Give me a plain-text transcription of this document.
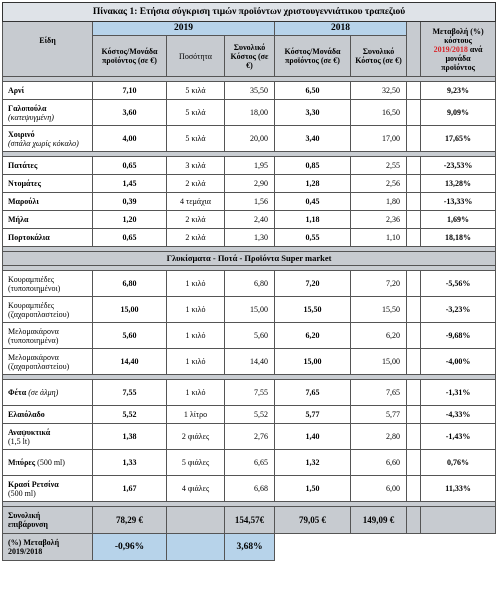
Πίνακας 1: Ετήσια σύγκριση τιμών προϊόντων χριστουγεννιάτικου τραπεζιού							
Είδη	2019			2018			Μεταβολή (%)
κόστους
2019/2018 ανά
μονάδα
προϊόντος
	Κόστος/Μονάδα προϊόντος (σε €)	Ποσότητα	Συνολικό Κόστος (σε €)	Κόστος/Μονάδα προϊόντος (σε €)	Συνολικό Κόστος (σε €)		

Αρνί	7,10	5 κιλά	35,50	6,50	32,50		9,23%
Γαλοπούλα
(κατεψυγμένη)	3,60	5 κιλά	18,00	3,30	16,50		9,09%
Χοιρινό
(σπάλα χωρίς κόκαλο)	4,00	5 κιλά	20,00	3,40	17,00		17,65%

Πατάτες	0,65	3 κιλά	1,95	0,85	2,55		-23,53%
Ντομάτες	1,45	2 κιλά	2,90	1,28	2,56		13,28%
Μαρούλι	0,39	4 τεμάχια	1,56	0,45	1,80		-13,33%
Μήλα	1,20	2 κιλά	2,40	1,18	2,36		1,69%
Πορτοκάλια	0,65	2 κιλά	1,30	0,55	1,10		18,18%

Γλυκίσματα - Ποτά - Προϊόντα Super market							

Κουραμπιέδες
(τυποποιημένοι)	6,80	1 κιλό	6,80	7,20	7,20		-5,56%
Κουραμπιέδες
(ζαχαροπλαστείου)	15,00	1 κιλό	15,00	15,50	15,50		-3,23%
Μελομακάρονα
(τυποποιημένα)	5,60	1 κιλό	5,60	6,20	6,20		-9,68%
Μελομακάρονα
(ζαχαροπλαστείου)	14,40	1 κιλό	14,40	15,00	15,00		-4,00%

Φέτα (σε άλμη)	7,55	1 κιλό	7,55	7,65	7,65		-1,31%
Ελαιόλαδο	5,52	1 λίτρο	5,52	5,77	5,77		-4,33%
Αναψυκτικά
(1,5 lt)	1,38	2 φιάλες	2,76	1,40	2,80		-1,43%
Μπύρες (500 ml)	1,33	5 φιάλες	6,65	1,32	6,60		0,76%
Κρασί Ρετσίνα
(500 ml)	1,67	4 φιάλες	6,68	1,50	6,00		11,33%

Συνολική
επιβάρυνση	78,29 €		154,57€	79,05 €	149,09 €		
(%) Μεταβολή
2019/2018	-0,96%		3,68%				
